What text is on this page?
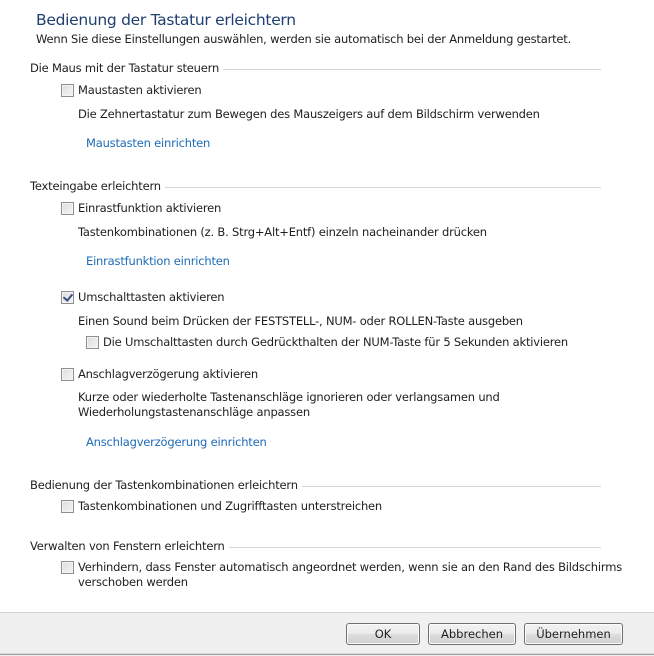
Bedienung der Tastatur erleichtern
Wenn Sie diese Einstellungen auswählen, werden sie automatisch bei der Anmeldung gestartet.
Die Maus mit der Tastatur steuern
Maustasten aktivieren
Die Zehnertastatur zum Bewegen des Mauszeigers auf dem Bildschirm verwenden
Maustasten einrichten
Texteingabe erleichtern
Einrastfunktion aktivieren
Tastenkombinationen (z. B. Strg+Alt+Entf) einzeln nacheinander drücken
Einrastfunktion einrichten
Umschalttasten aktivieren
Einen Sound beim Drücken der FESTSTELL-, NUM- oder ROLLEN-Taste ausgeben
Die Umschalttasten durch Gedrückthalten der NUM-Taste für 5 Sekunden aktivieren
Anschlagverzögerung aktivieren
Kurze oder wiederholte Tastenanschläge ignorieren oder verlangsamen und
Wiederholungstastenanschläge anpassen
Anschlagverzögerung einrichten
Bedienung der Tastenkombinationen erleichtern
Tastenkombinationen und Zugrifftasten unterstreichen
Verwalten von Fenstern erleichtern
Verhindern, dass Fenster automatisch angeordnet werden, wenn sie an den Rand des Bildschirms
verschoben werden
OK	Abbrechen	Übernehmen
